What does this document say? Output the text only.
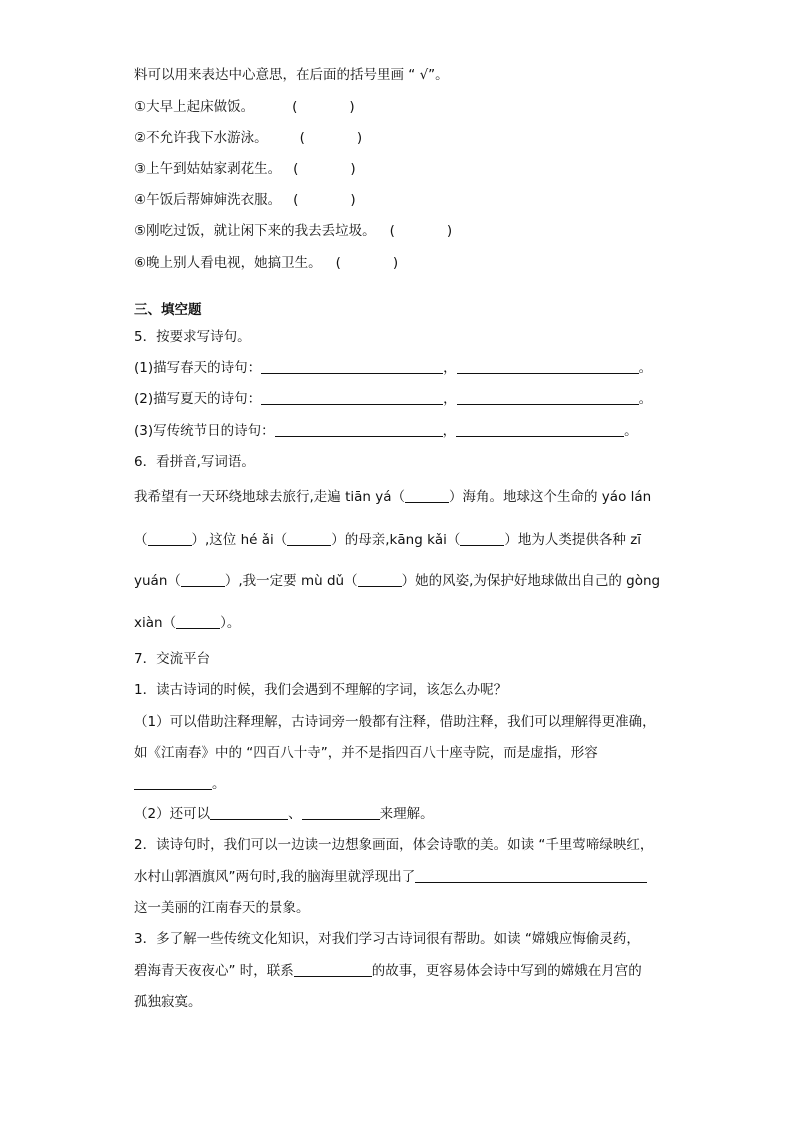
料可以用来表达中心意思，在后面的括号里画 “ √”。
①大早上起床做饭。	(	)
②不允许我下水游泳。 (	)
③上午到姑姑家剥花生。 (	)
④午饭后帮婶婶洗衣服。 (	)
⑤刚吃过饭，就让闲下来的我去丢垃圾。 (	)
⑥晚上别人看电视，她搞卫生。 (	)
三、填空题
5．按要求写诗句。
(1)描写春天的诗句：	，	。
(2)描写夏天的诗句：	，	。
(3)写传统节日的诗句：	，	。
6．看拼音,写词语。
我希望有一天环绕地球去旅行,走遍 tiān yá（	）海角。地球这个生命的 yáo lán
（	）,这位 hé ǎi（	）的母亲,kāng kǎi（	）地为人类提供各种 zī
yuán（	）,我一定要 mù dǔ（	）她的风姿,为保护好地球做出自己的 gòng
xiàn（	）。
7．交流平台
1．读古诗词的时候，我们会遇到不理解的字词，该怎么办呢？
（1）可以借助注释理解，古诗词旁一般都有注释，借助注释，我们可以理解得更准确，
如《江南春》中的 “四百八十寺”，并不是指四百八十座寺院，而是虚指，形容
。
（2）还可以	、	来理解。
2．读诗句时，我们可以一边读一边想象画面，体会诗歌的美。如读 “千里莺啼绿映红，
水村山郭酒旗风”两句时,我的脑海里就浮现出了
这一美丽的江南春天的景象。
3．多了解一些传统文化知识，对我们学习古诗词很有帮助。如读 “嫦娥应悔偷灵药，
碧海青天夜夜心” 时，联系	的故事，更容易体会诗中写到的嫦娥在月宫的
孤独寂寞。
